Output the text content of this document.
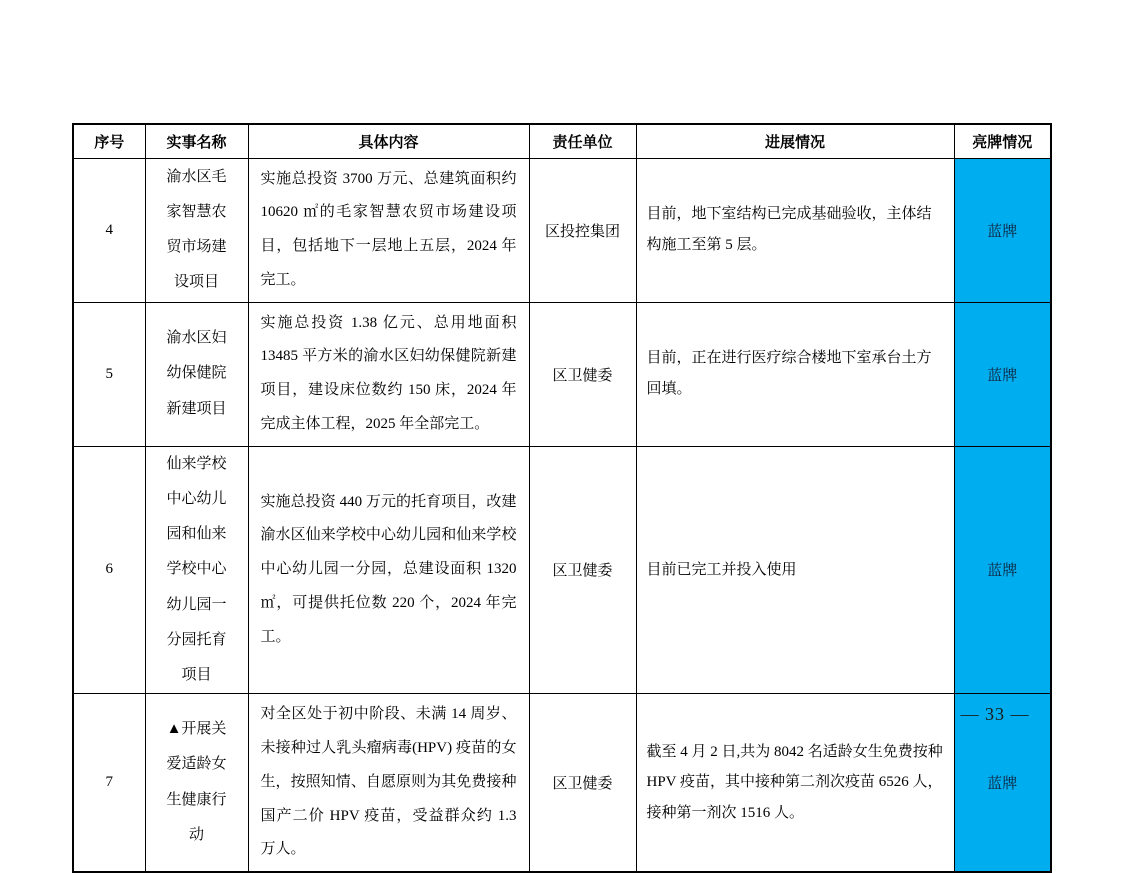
序号	实事名称	具体内容	责任单位	进展情况	亮牌情况
4	渝水区毛家智慧农贸市场建设项目	实施总投资 3700 万元、总建筑面积约 10620 ㎡的毛家智慧农贸市场建设项目，包括地下一层地上五层，2024 年完工。	区投控集团	目前，地下室结构已完成基础验收，主体结构施工至第 5 层。	蓝牌
5	渝水区妇幼保健院新建项目	实施总投资 1.38 亿元、总用地面积 13485 平方米的渝水区妇幼保健院新建项目，建设床位数约 150 床，2024 年完成主体工程，2025 年全部完工。	区卫健委	目前，正在进行医疗综合楼地下室承台土方回填。	蓝牌
6	仙来学校中心幼儿园和仙来学校中心幼儿园一分园托育项目	实施总投资 440 万元的托育项目，改建渝水区仙来学校中心幼儿园和仙来学校中心幼儿园一分园，总建设面积 1320 ㎡，可提供托位数 220 个，2024 年完工。	区卫健委	目前已完工并投入使用	蓝牌
7	▲开展关爱适龄女生健康行动	对全区处于初中阶段、未满 14 周岁、未接种过人乳头瘤病毒(HPV) 疫苗的女生，按照知情、自愿原则为其免费接种国产二价 HPV 疫苗，受益群众约 1.3 万人。	区卫健委	截至 4 月 2 日,共为 8042 名适龄女生免费按种 HPV 疫苗，其中接种第二剂次疫苗 6526 人，接种第一剂次 1516 人。	蓝牌
— 33 —
